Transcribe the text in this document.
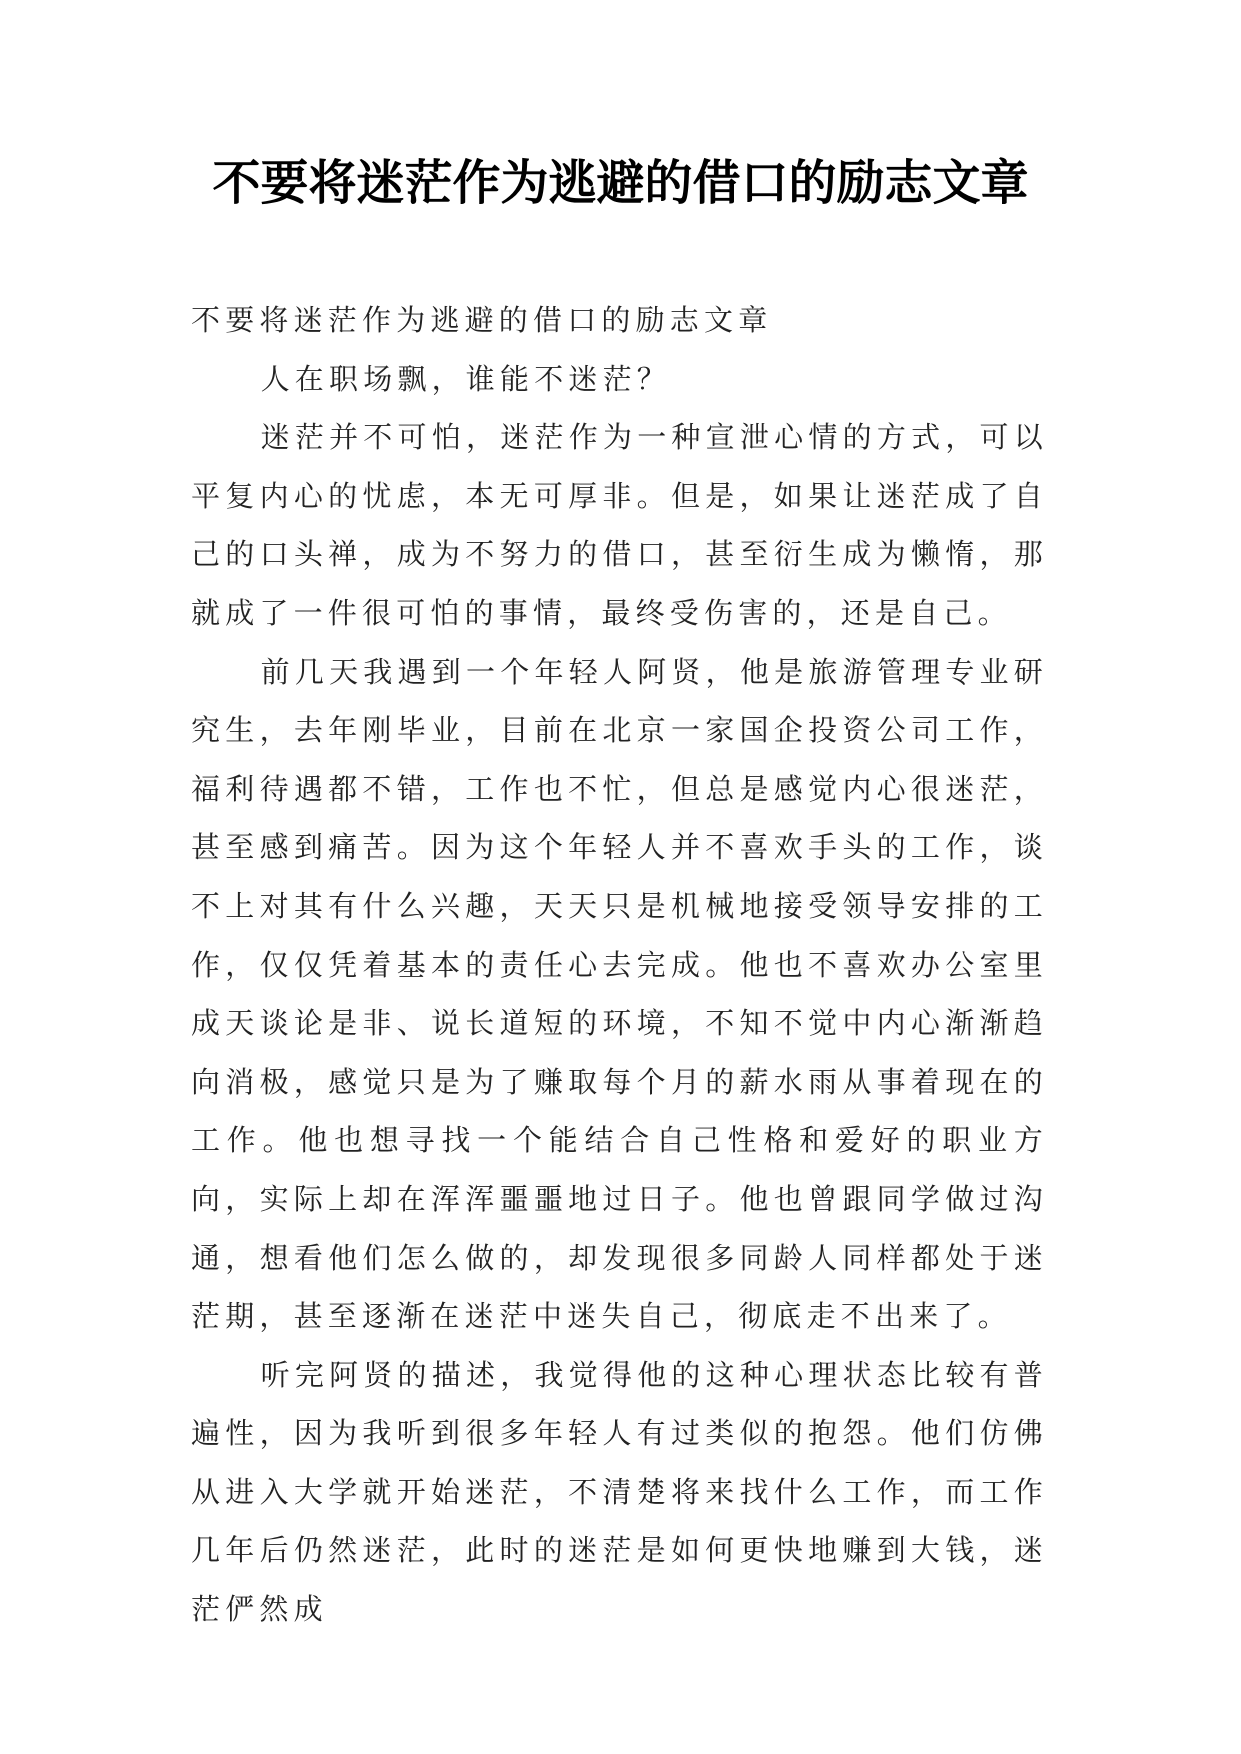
不要将迷茫作为逃避的借口的励志文章

不要将迷茫作为逃避的借口的励志文章

人在职场飘，谁能不迷茫？

迷茫并不可怕，迷茫作为一种宣泄心情的方式，可以平复内心的忧虑，本无可厚非。但是，如果让迷茫成了自己的口头禅，成为不努力的借口，甚至衍生成为懒惰，那就成了一件很可怕的事情，最终受伤害的，还是自己。

前几天我遇到一个年轻人阿贤，他是旅游管理专业研究生，去年刚毕业，目前在北京一家国企投资公司工作，福利待遇都不错，工作也不忙，但总是感觉内心很迷茫，甚至感到痛苦。因为这个年轻人并不喜欢手头的工作，谈不上对其有什么兴趣，天天只是机械地接受领导安排的工作，仅仅凭着基本的责任心去完成。他也不喜欢办公室里成天谈论是非、说长道短的环境，不知不觉中内心渐渐趋向消极，感觉只是为了赚取每个月的薪水雨从事着现在的工作。他也想寻找一个能结合自己性格和爱好的职业方向，实际上却在浑浑噩噩地过日子。他也曾跟同学做过沟通，想看他们怎么做的，却发现很多同龄人同样都处于迷茫期，甚至逐渐在迷茫中迷失自己，彻底走不出来了。

听完阿贤的描述，我觉得他的这种心理状态比较有普遍性，因为我听到很多年轻人有过类似的抱怨。他们仿佛从进入大学就开始迷茫，不清楚将来找什么工作，而工作几年后仍然迷茫，此时的迷茫是如何更快地赚到大钱，迷茫俨然成
